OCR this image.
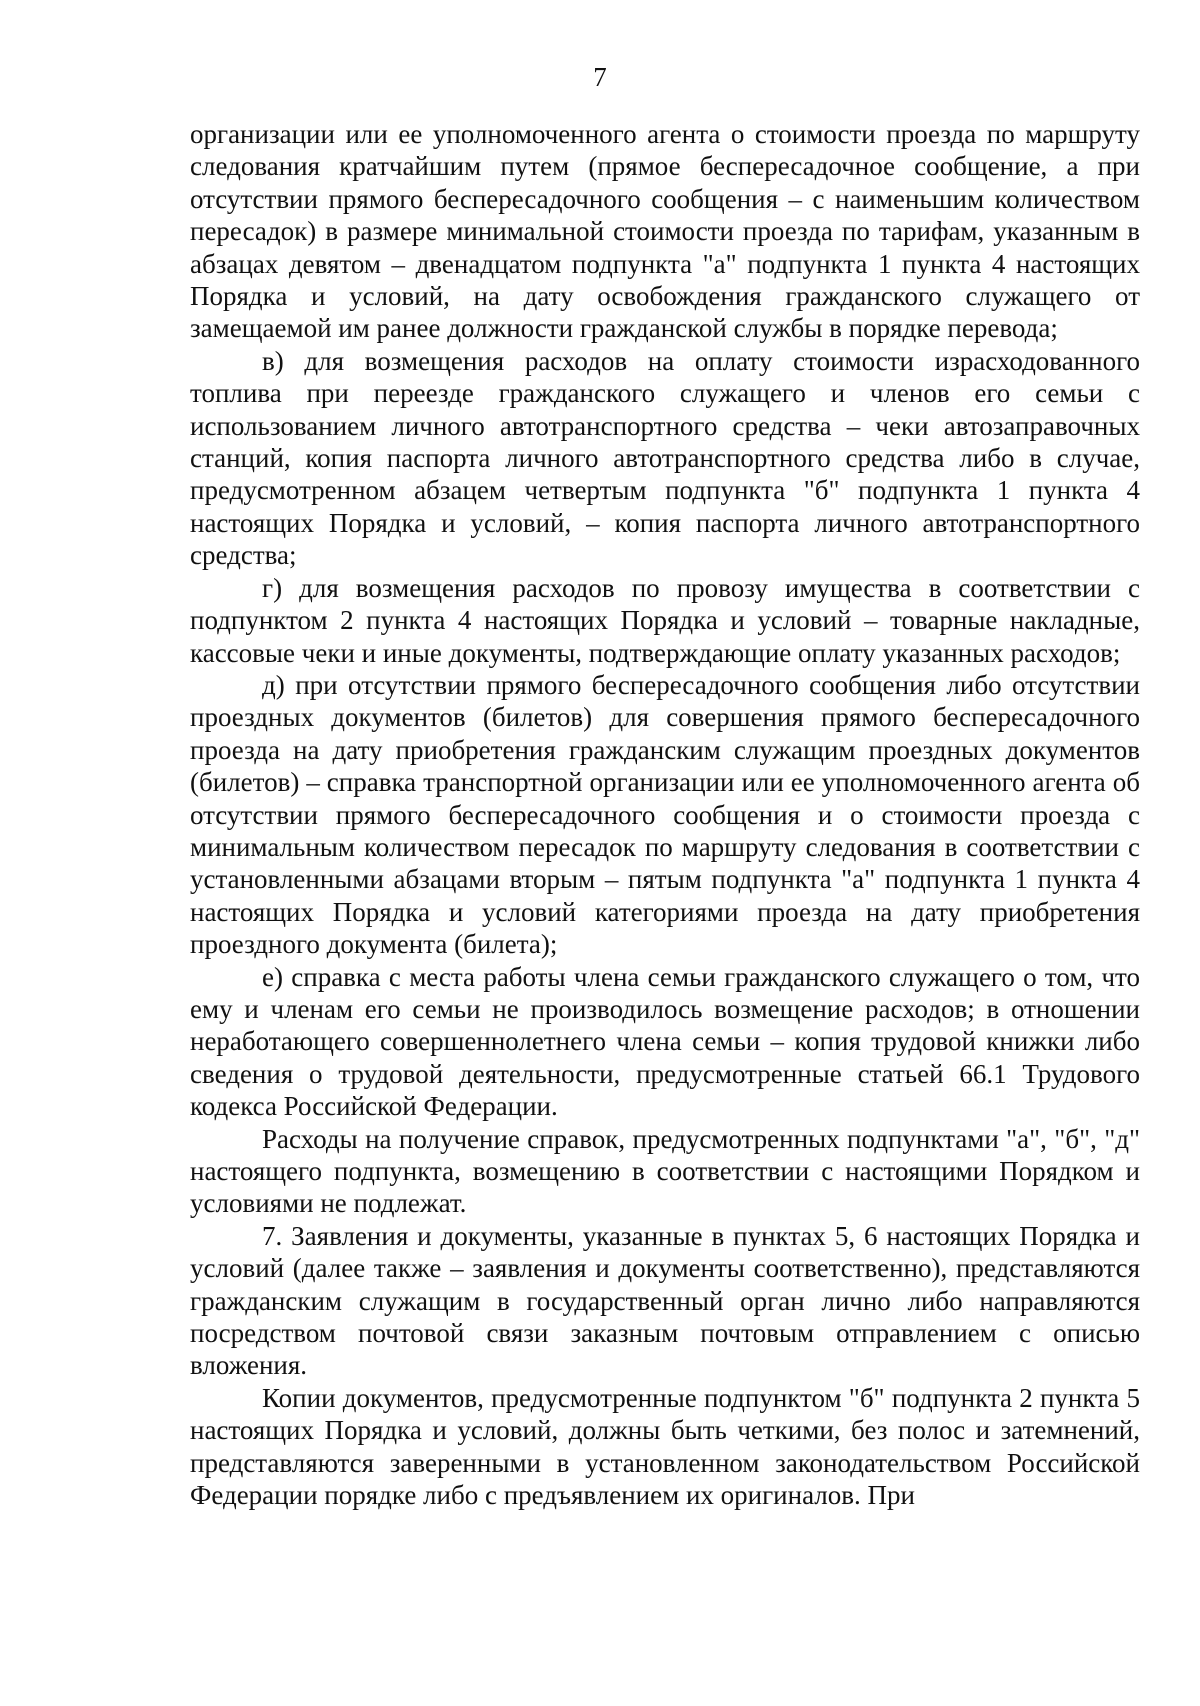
7

организации или ее уполномоченного агента о стоимости проезда по маршруту следования кратчайшим путем (прямое беспересадочное сообщение, а при отсутствии прямого беспересадочного сообщения – с наименьшим количеством пересадок) в размере минимальной стоимости проезда по тарифам, указанным в абзацах девятом – двенадцатом подпункта "а" подпункта 1 пункта 4 настоящих Порядка и условий, на дату освобождения гражданского служащего от замещаемой им ранее должности гражданской службы в порядке перевода;

в) для возмещения расходов на оплату стоимости израсходованного топлива при переезде гражданского служащего и членов его семьи с использованием личного автотранспортного средства – чеки автозаправочных станций, копия паспорта личного автотранспортного средства либо в случае, предусмотренном абзацем четвертым подпункта "б" подпункта 1 пункта 4 настоящих Порядка и условий, – копия паспорта личного автотранспортного средства;

г) для возмещения расходов по провозу имущества в соответствии с подпунктом 2 пункта 4 настоящих Порядка и условий – товарные накладные, кассовые чеки и иные документы, подтверждающие оплату указанных расходов;

д) при отсутствии прямого беспересадочного сообщения либо отсутствии проездных документов (билетов) для совершения прямого беспересадочного проезда на дату приобретения гражданским служащим проездных документов (билетов) – справка транспортной организации или ее уполномоченного агента об отсутствии прямого беспересадочного сообщения и о стоимости проезда с минимальным количеством пересадок по маршруту следования в соответствии с установленными абзацами вторым – пятым подпункта "а" подпункта 1 пункта 4 настоящих Порядка и условий категориями проезда на дату приобретения проездного документа (билета);

е) справка с места работы члена семьи гражданского служащего о том, что ему и членам его семьи не производилось возмещение расходов; в отношении неработающего совершеннолетнего члена семьи – копия трудовой книжки либо сведения о трудовой деятельности, предусмотренные статьей 66.1 Трудового кодекса Российской Федерации.

Расходы на получение справок, предусмотренных подпунктами "а", "б", "д" настоящего подпункта, возмещению в соответствии с настоящими Порядком и условиями не подлежат.

7. Заявления и документы, указанные в пунктах 5, 6 настоящих Порядка и условий (далее также – заявления и документы соответственно), представляются гражданским служащим в государственный орган лично либо направляются посредством почтовой связи заказным почтовым отправлением с описью вложения.

Копии документов, предусмотренные подпунктом "б" подпункта 2 пункта 5 настоящих Порядка и условий, должны быть четкими, без полос и затемнений, представляются заверенными в установленном законодательством Российской Федерации порядке либо с предъявлением их оригиналов. При
